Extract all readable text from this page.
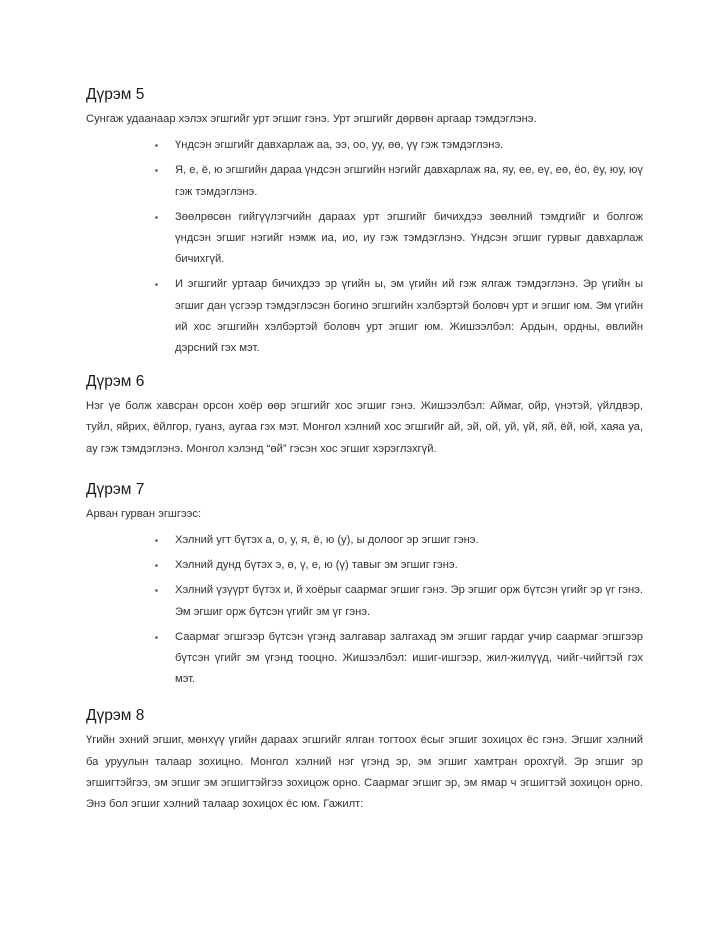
Дүрэм 5

Сунгаж удаанаар хэлэх эгшгийг урт эгшиг гэнэ. Урт эгшгийг дөрвөн аргаар тэмдэглэнэ.

▪ Үндсэн эгшгийг давхарлаж аа, ээ, оо, уу, өө, үү гэж тэмдэглэнэ.
▪ Я, е, ё, ю эгшгийн дараа үндсэн эгшгийн нэгийг давхарлаж яа, яу, ее, еү, еө, ёо, ёу, юу, юү гэж тэмдэглэнэ.
▪ Зөөлрөсөн гийгүүлэгчийн дараах урт эгшгийг бичихдээ зөөлний тэмдгийг и болгож үндсэн эгшиг нэгийг нэмж иа, ио, иу гэж тэмдэглэнэ. Үндсэн эгшиг гурвыг давхарлаж бичихгүй.
▪ И эгшгийг уртаар бичихдээ эр үгийн ы, эм үгийн ий гэж ялгаж тэмдэглэнэ. Эр үгийн ы эгшиг дан үсгээр тэмдэглэсэн богино эгшгийн хэлбэртэй боловч урт и эгшиг юм. Эм үгийн ий хос эгшгийн хэлбэртэй боловч урт эгшиг юм. Жишээлбэл: Ардын, ордны, өвлийн дэрсний гэх мэт.
Дүрэм 6

Нэг үе болж хавсран орсон хоёр өөр эгшгийг хос эгшиг гэнэ. Жишээлбэл: Аймаг, ойр, үнэтэй, үйлдвэр, туйл, яйрих, ёйлгор, гуанз, аугаа гэх мэт. Монгол хэлний хос эгшгийг ай, эй, ой, уй, үй, яй, ёй, юй, хаяа уа, ау гэж тэмдэглэнэ. Монгол хэлэнд “өй” гэсэн хос эгшиг хэрэглэхгүй.

Дүрэм 7

Арван гурван эгшгээс:

▪ Хэлний угт бүтэх а, о, у, я, ё, ю (у), ы долоог эр эгшиг гэнэ.
▪ Хэлний дунд бүтэх э, ө, ү, е, ю (ү) тавыг эм эгшиг гэнэ.
▪ Хэлний үзүүрт бүтэх и, й хоёрыг саармаг эгшиг гэнэ. Эр эгшиг орж бүтсэн үгийг эр үг гэнэ. Эм эгшиг орж бүтсэн үгийг эм үг гэнэ.
▪ Саармаг эгшгээр бүтсэн үгэнд залгавар залгахад эм эгшиг гардаг учир саармаг эгшгээр бүтсэн үгийг эм үгэнд тооцно. Жишээлбэл: ишиг-ишгээр, жил-жилүүд, чийг-чийгтэй гэх мэт.
Дүрэм 8

Үгийн эхний эгшиг, мөнхүү үгийн дараах эгшгийг ялган тогтоох ёсыг эгшиг зохицох ёс гэнэ. Эгшиг хэлний ба уруулын талаар зохицно. Монгол хэлний нэг үгэнд эр, эм эгшиг хамтран орохгүй. Эр эгшиг эр эгшигтэйгээ, эм эгшиг эм эгшигтэйгээ зохицож орно. Саармаг эгшиг эр, эм ямар ч эгшигтэй зохицон орно. Энэ бол эгшиг хэлний талаар зохицох ёс юм. Гажилт:
